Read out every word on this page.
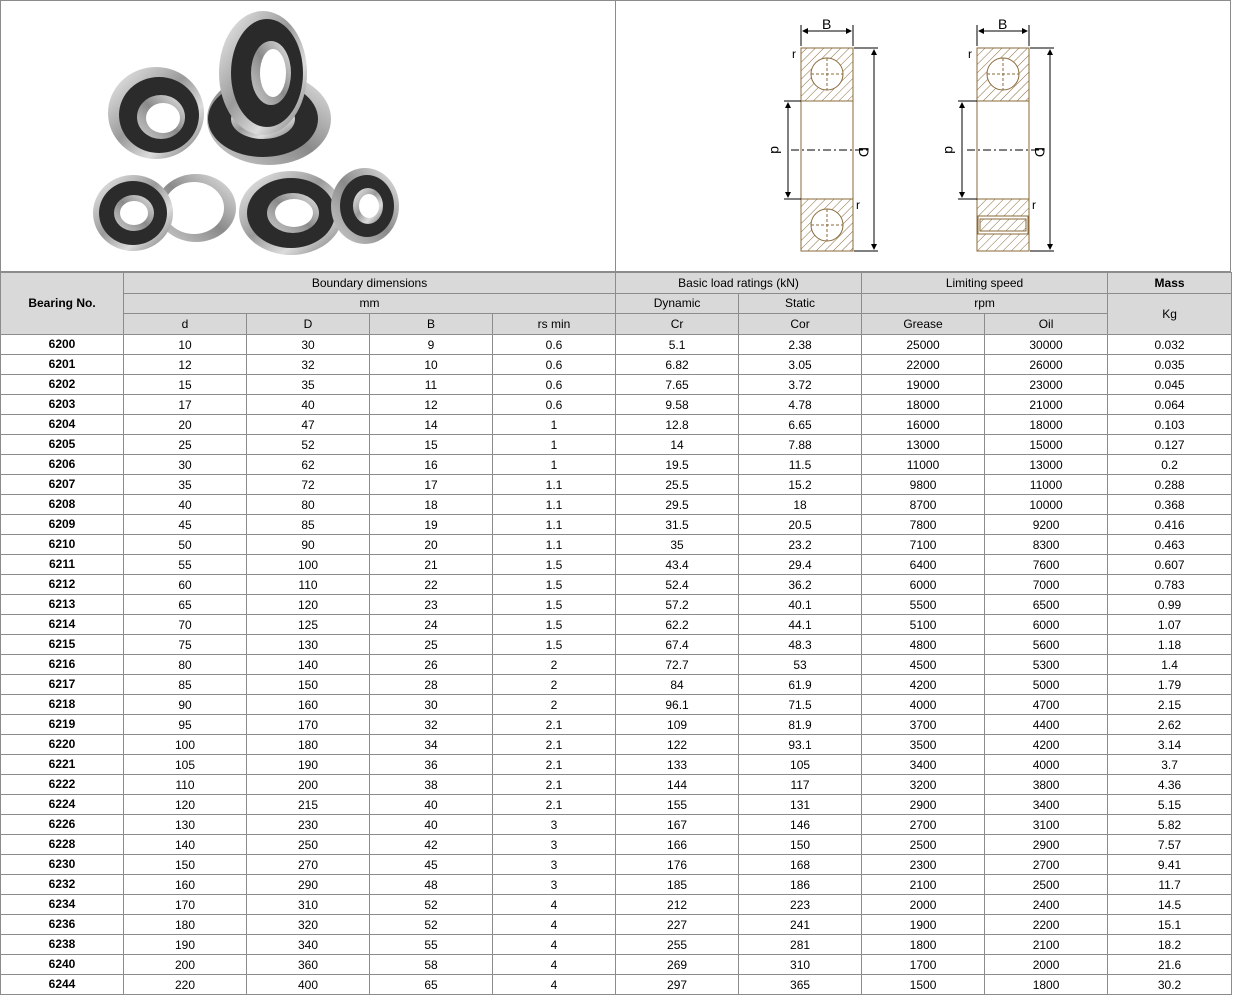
B
D
d
r
r
B
D
d
r
r
Bearing No.	Boundary dimensions				Basic load ratings (kN)		Limiting speed		Mass
	mm				Dynamic	Static	rpm		Kg
	d	D	B	rs min	Cr	Cor	Grease	Oil	
6200	10	30	9	0.6	5.1	2.38	25000	30000	0.032
6201	12	32	10	0.6	6.82	3.05	22000	26000	0.035
6202	15	35	11	0.6	7.65	3.72	19000	23000	0.045
6203	17	40	12	0.6	9.58	4.78	18000	21000	0.064
6204	20	47	14	1	12.8	6.65	16000	18000	0.103
6205	25	52	15	1	14	7.88	13000	15000	0.127
6206	30	62	16	1	19.5	11.5	11000	13000	0.2
6207	35	72	17	1.1	25.5	15.2	9800	11000	0.288
6208	40	80	18	1.1	29.5	18	8700	10000	0.368
6209	45	85	19	1.1	31.5	20.5	7800	9200	0.416
6210	50	90	20	1.1	35	23.2	7100	8300	0.463
6211	55	100	21	1.5	43.4	29.4	6400	7600	0.607
6212	60	110	22	1.5	52.4	36.2	6000	7000	0.783
6213	65	120	23	1.5	57.2	40.1	5500	6500	0.99
6214	70	125	24	1.5	62.2	44.1	5100	6000	1.07
6215	75	130	25	1.5	67.4	48.3	4800	5600	1.18
6216	80	140	26	2	72.7	53	4500	5300	1.4
6217	85	150	28	2	84	61.9	4200	5000	1.79
6218	90	160	30	2	96.1	71.5	4000	4700	2.15
6219	95	170	32	2.1	109	81.9	3700	4400	2.62
6220	100	180	34	2.1	122	93.1	3500	4200	3.14
6221	105	190	36	2.1	133	105	3400	4000	3.7
6222	110	200	38	2.1	144	117	3200	3800	4.36
6224	120	215	40	2.1	155	131	2900	3400	5.15
6226	130	230	40	3	167	146	2700	3100	5.82
6228	140	250	42	3	166	150	2500	2900	7.57
6230	150	270	45	3	176	168	2300	2700	9.41
6232	160	290	48	3	185	186	2100	2500	11.7
6234	170	310	52	4	212	223	2000	2400	14.5
6236	180	320	52	4	227	241	1900	2200	15.1
6238	190	340	55	4	255	281	1800	2100	18.2
6240	200	360	58	4	269	310	1700	2000	21.6
6244	220	400	65	4	297	365	1500	1800	30.2
